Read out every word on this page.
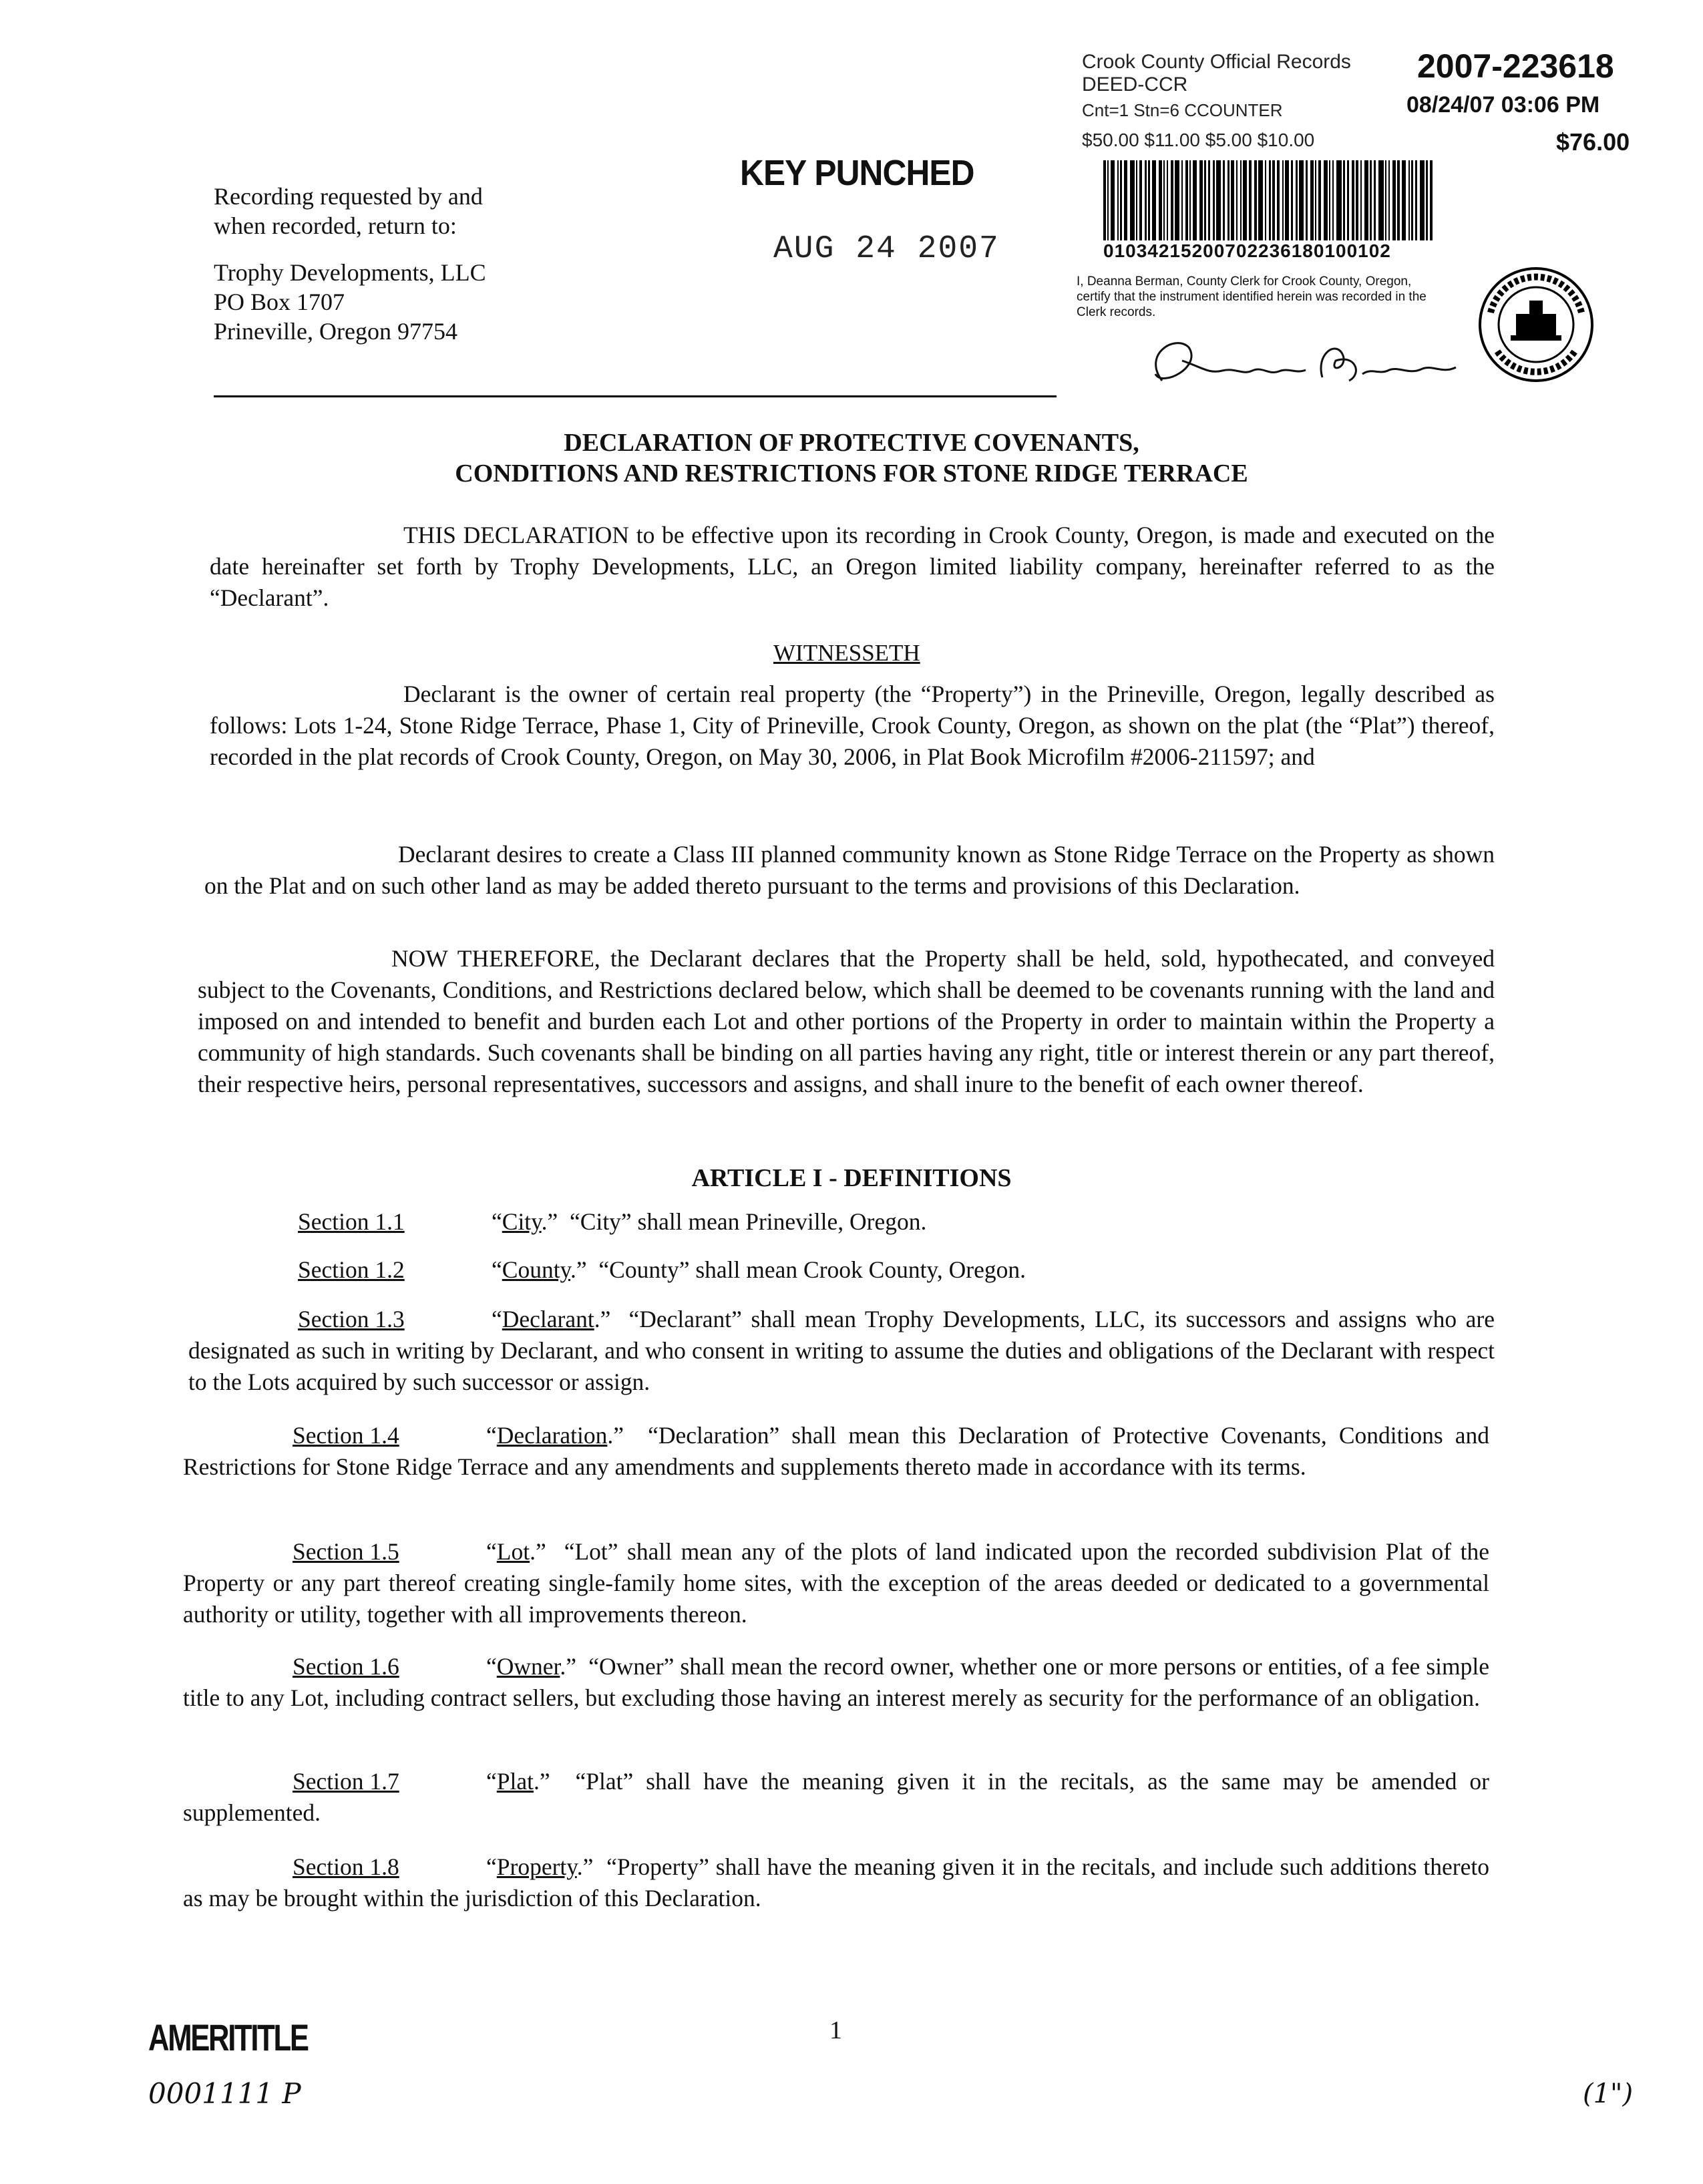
Crook County Official Records
DEED-CCR
Cnt=1 Stn=6 CCOUNTER
$50.00 $11.00 $5.00 $10.00
2007-223618
08/24/07 03:06 PM
$76.00
01034215200702236180100102
I, Deanna Berman, County Clerk for Crook County, Oregon, certify that the instrument identified herein was recorded in the Clerk records.
Recording requested by and
when recorded, return to:
Trophy Developments, LLC
PO Box 1707
Prineville, Oregon 97754
KEY PUNCHED
AUG 24 2007
DECLARATION OF PROTECTIVE COVENANTS,
CONDITIONS AND RESTRICTIONS FOR STONE RIDGE TERRACE

THIS DECLARATION to be effective upon its recording in Crook County, Oregon, is made and executed on the date hereinafter set forth by Trophy Developments, LLC, an Oregon limited liability company, hereinafter referred to as the “Declarant”.

WITNESSETH

Declarant is the owner of certain real property (the “Property”) in the Prineville, Oregon, legally described as follows: Lots 1-24, Stone Ridge Terrace, Phase 1, City of Prineville, Crook County, Oregon, as shown on the plat (the “Plat”) thereof, recorded in the plat records of Crook County, Oregon, on May 30, 2006, in Plat Book Microfilm #2006-211597; and

Declarant desires to create a Class III planned community known as Stone Ridge Terrace on the Property as shown on the Plat and on such other land as may be added thereto pursuant to the terms and provisions of this Declaration.

NOW THEREFORE, the Declarant declares that the Property shall be held, sold, hypothecated, and conveyed subject to the Covenants, Conditions, and Restrictions declared below, which shall be deemed to be covenants running with the land and imposed on and intended to benefit and burden each Lot and other portions of the Property in order to maintain within the Property a community of high standards. Such covenants shall be binding on all parties having any right, title or interest therein or any part thereof, their respective heirs, personal representatives, successors and assigns, and shall inure to the benefit of each owner thereof.

ARTICLE I - DEFINITIONS
Section 1.1	“City.”  “City” shall mean Prineville, Oregon.
Section 1.2	“County.”  “County” shall mean Crook County, Oregon.
Section 1.3	“Declarant.”  “Declarant” shall mean Trophy Developments, LLC, its successors and assigns who are designated as such in writing by Declarant, and who consent in writing to assume the duties and obligations of the Declarant with respect to the Lots acquired by such successor or assign.
Section 1.4	“Declaration.”  “Declaration” shall mean this Declaration of Protective Covenants, Conditions and Restrictions for Stone Ridge Terrace and any amendments and supplements thereto made in accordance with its terms.
Section 1.5	“Lot.”  “Lot” shall mean any of the plots of land indicated upon the recorded subdivision Plat of the Property or any part thereof creating single-family home sites, with the exception of the areas deeded or dedicated to a governmental authority or utility, together with all improvements thereon.
Section 1.6	“Owner.”  “Owner” shall mean the record owner, whether one or more persons or entities, of a fee simple title to any Lot, including contract sellers, but excluding those having an interest merely as security for the performance of an obligation.
Section 1.7	“Plat.”  “Plat” shall have the meaning given it in the recitals, as the same may be amended or supplemented.
Section 1.8	“Property.”  “Property” shall have the meaning given it in the recitals, and include such additions thereto as may be brought within the jurisdiction of this Declaration.
1
AMERITITLE
0001111 P	(1")
